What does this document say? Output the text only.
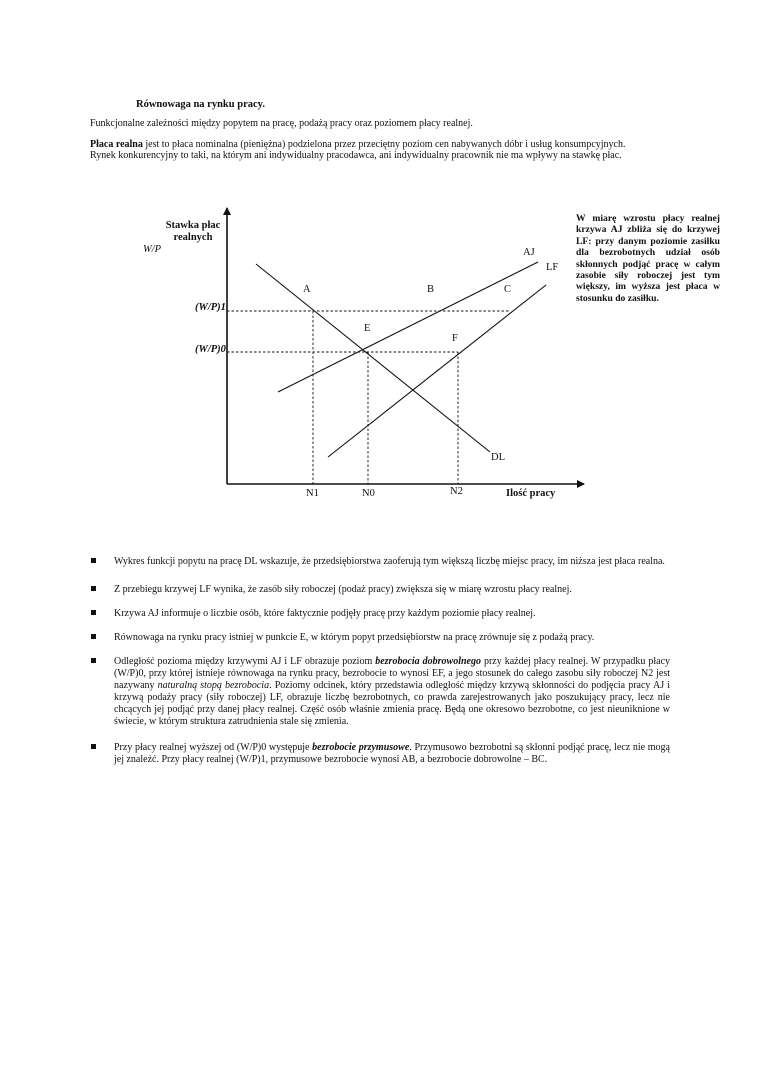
Równowaga na rynku pracy.
Funkcjonalne zależności między popytem na pracę, podażą pracy oraz poziomem płacy realnej.
Płaca realna jest to płaca nominalna (pieniężna) podzielona przez przeciętny poziom cen nabywanych dóbr i usług konsumpcyjnych.
Rynek konkurencyjny to taki, na którym ani indywidualny pracodawca, ani indywidualny pracownik nie ma wpływy na stawkę płac.
Stawka płac
realnych
W/P
Ilość pracy
(W/P)1
(W/P)0
N1	N0	N2
AJ
LF
DL
A	B	C
E
F
W miarę wzrostu płacy realnej krzywa AJ zbliża się do krzywej LF: przy danym poziomie zasiłku dla bezrobotnych udział osób skłonnych podjąć pracę w całym zasobie siły roboczej jest tym większy, im wyższa jest płaca w stosunku do zasiłku.
Wykres funkcji popytu na pracę DL wskazuje, że przedsiębiorstwa zaoferują tym większą liczbę miejsc pracy, im niższa jest płaca realna.
Z przebiegu krzywej LF wynika, że zasób siły roboczej (podaż pracy) zwiększa się w miarę wzrostu płacy realnej.
Krzywa AJ informuje o liczbie osób, które faktycznie podjęły pracę przy każdym poziomie płacy realnej.
Równowaga na rynku pracy istniej w punkcie E, w którym popyt przedsiębiorstw na pracę zrównuje się z podażą pracy.
Odległość pozioma między krzywymi AJ i LF obrazuje poziom bezrobocia dobrowolnego przy każdej płacy realnej. W przypadku płacy (W/P)0, przy której istnieje równowaga na rynku pracy, bezrobocie to wynosi EF, a jego stosunek do całego zasobu siły roboczej N2 jest nazywany naturalną stopą bezrobocia. Poziomy odcinek, który przedstawia odległość między krzywą skłonności do podjęcia pracy AJ i krzywą podaży pracy (siły roboczej) LF, obrazuje liczbę bezrobotnych, co prawda zarejestrowanych jako poszukujący pracy, lecz nie chcących jej podjąć przy danej płacy realnej. Część osób właśnie zmienia pracę. Będą one okresowo bezrobotne, co jest nieuniknione w świecie, w którym struktura zatrudnienia stale się zmienia.
Przy płacy realnej wyższej od (W/P)0 występuje bezrobocie przymusowe. Przymusowo bezrobotni są skłonni podjąć pracę, lecz nie mogą jej znaleźć. Przy płacy realnej (W/P)1, przymusowe bezrobocie wynosi AB, a bezrobocie dobrowolne – BC.
